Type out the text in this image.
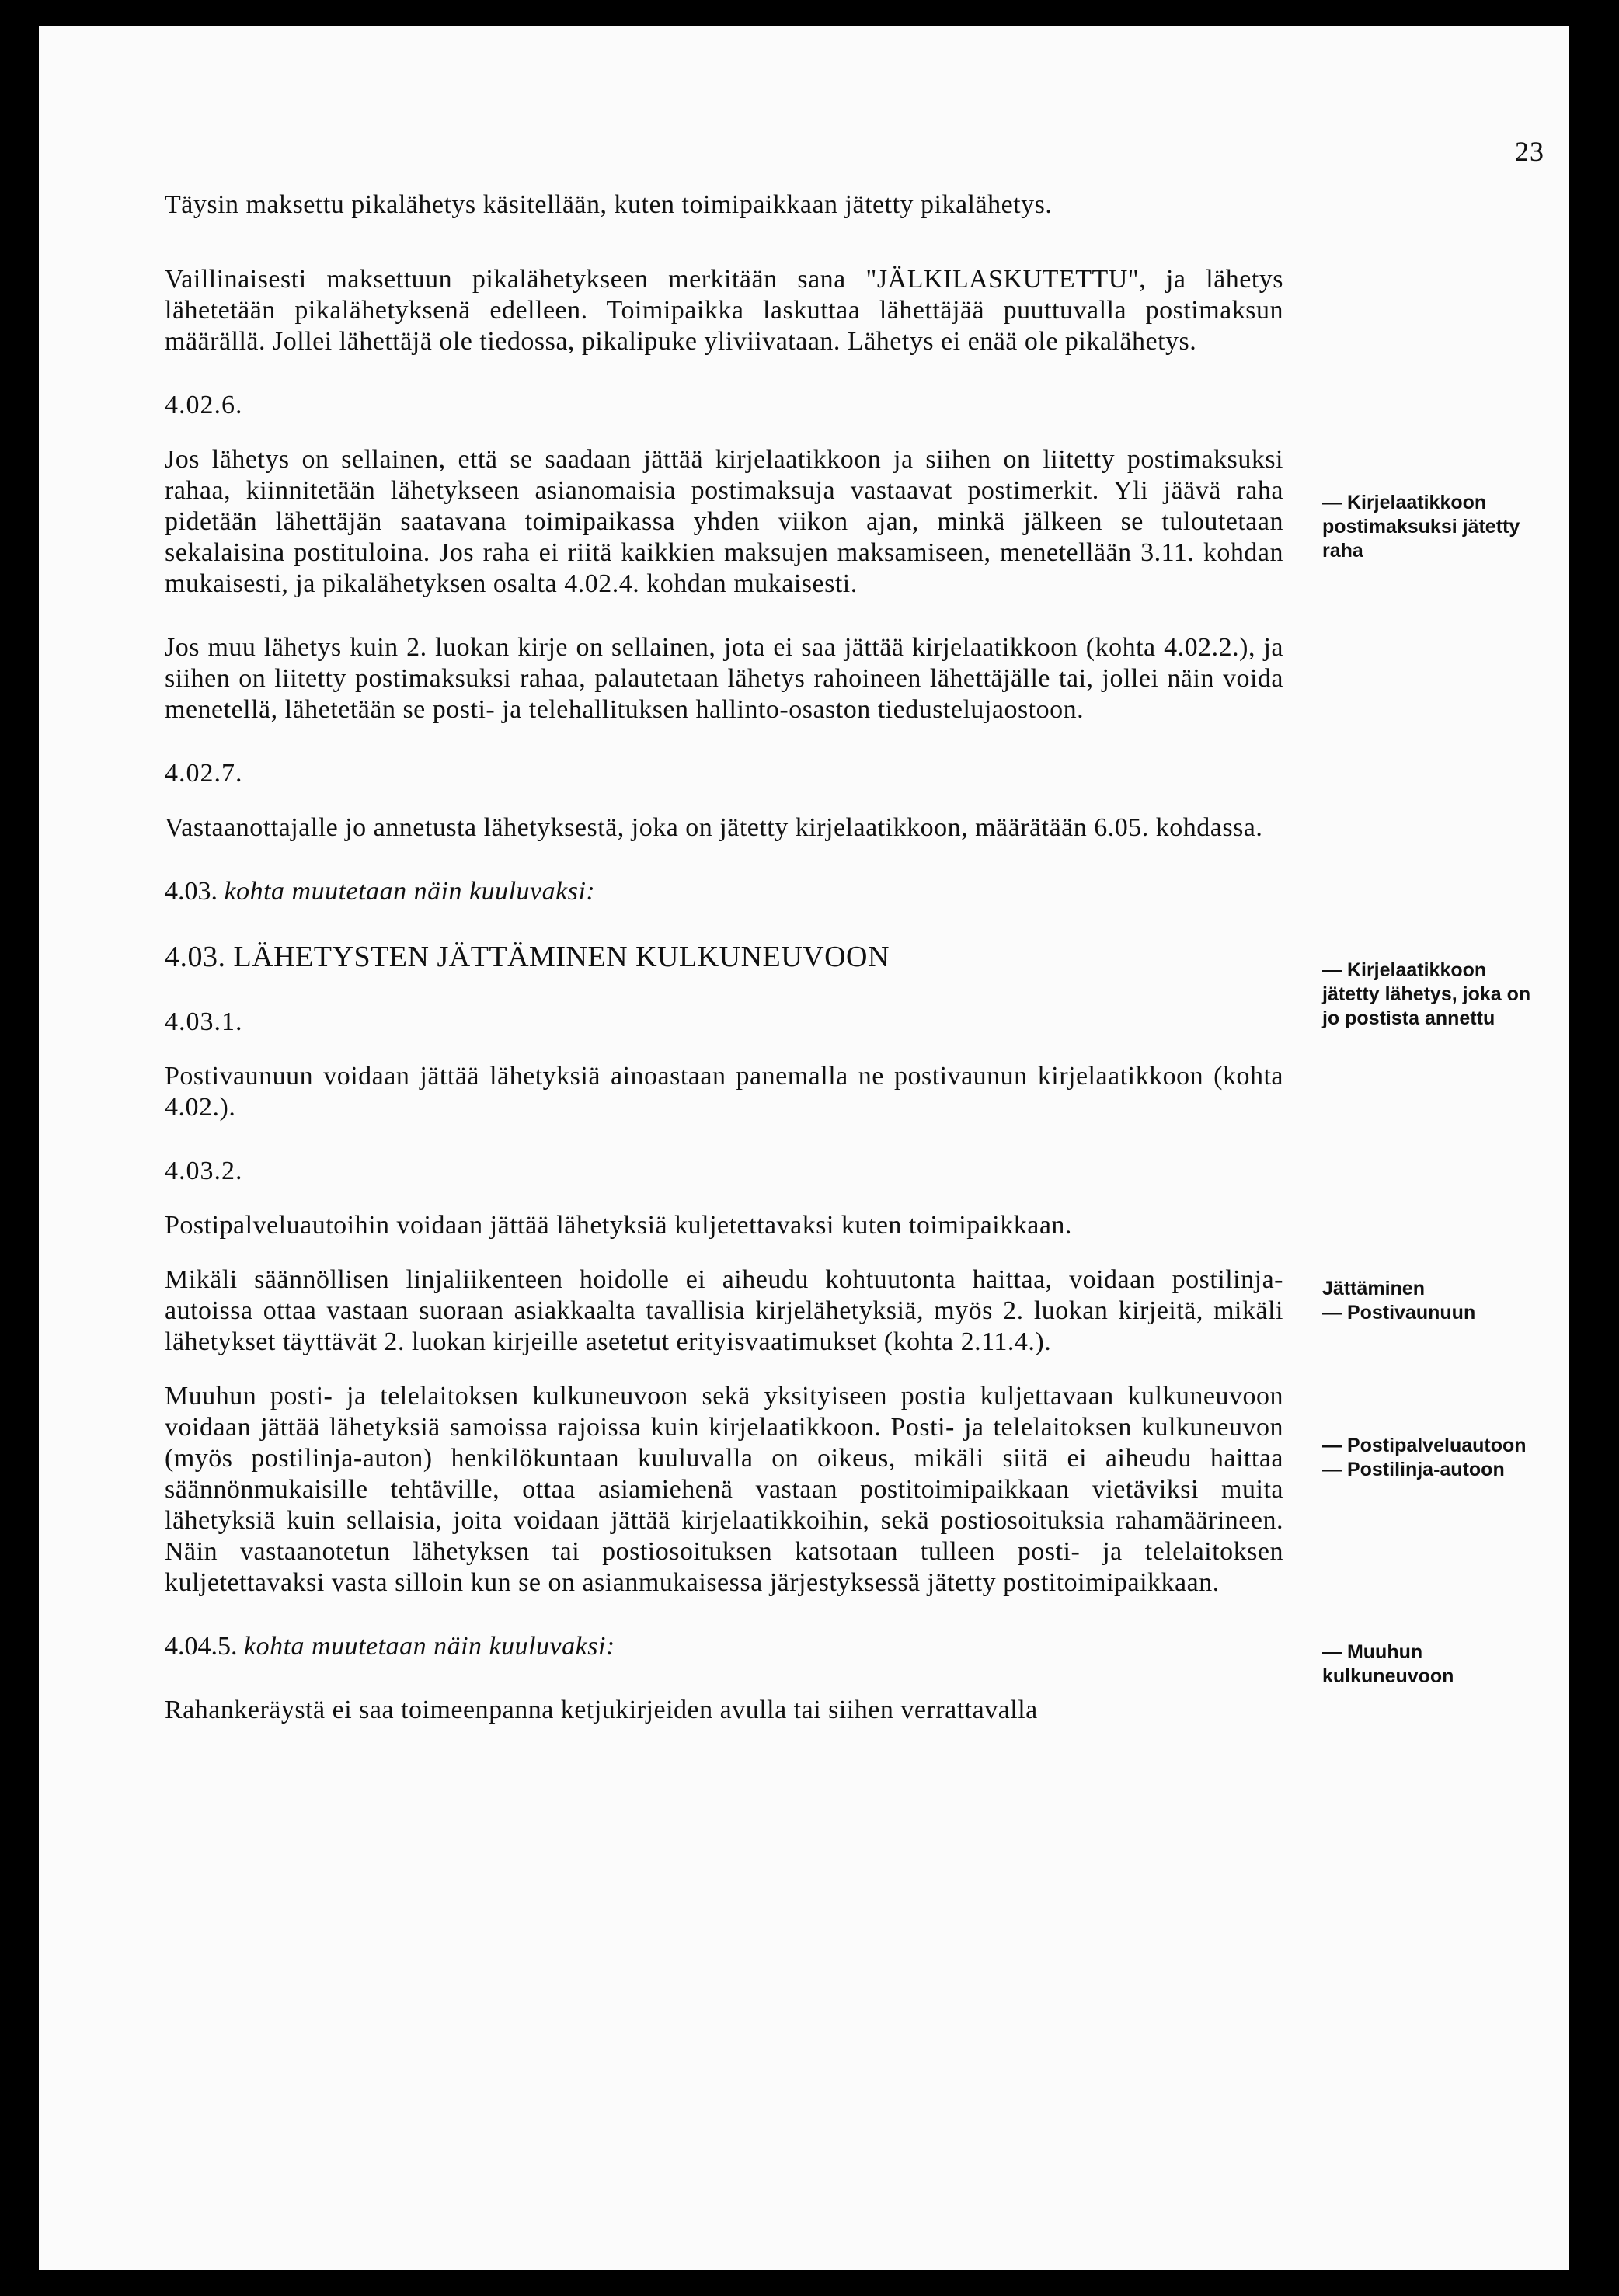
23

Täysin maksettu pikalähetys käsitellään, kuten toimipaikkaan jätetty pikalähetys.

Vaillinaisesti maksettuun pikalähetykseen merkitään sana "JÄLKILASKUTETTU", ja lähetys lähetetään pikalähetyksenä edelleen. Toimipaikka laskuttaa lähettäjää puuttuvalla postimaksun määrällä. Jollei lähettäjä ole tiedossa, pikalipuke yliviivataan. Lähetys ei enää ole pikalähetys.

4.02.6.

Jos lähetys on sellainen, että se saadaan jättää kirjelaatikkoon ja siihen on liitetty postimaksuksi rahaa, kiinnitetään lähetykseen asianomaisia postimaksuja vastaavat postimerkit. Yli jäävä raha pidetään lähettäjän saatavana toimipaikassa yhden viikon ajan, minkä jälkeen se tuloutetaan sekalaisina postituloina. Jos raha ei riitä kaikkien maksujen maksamiseen, menetellään 3.11. kohdan mukaisesti, ja pikalähetyksen osalta 4.02.4. kohdan mukaisesti.

Jos muu lähetys kuin 2. luokan kirje on sellainen, jota ei saa jättää kirjelaatikkoon (kohta 4.02.2.), ja siihen on liitetty postimaksuksi rahaa, palautetaan lähetys rahoineen lähettäjälle tai, jollei näin voida menetellä, lähetetään se posti- ja telehallituksen hallinto-osaston tiedustelujaostoon.

4.02.7.

Vastaanottajalle jo annetusta lähetyksestä, joka on jätetty kirjelaatikkoon, määrätään 6.05. kohdassa.

4.03. kohta muutetaan näin kuuluvaksi:

4.03. LÄHETYSTEN JÄTTÄMINEN KULKUNEUVOON

4.03.1.

Postivaunuun voidaan jättää lähetyksiä ainoastaan panemalla ne postivaunun kirjelaatikkoon (kohta 4.02.).

4.03.2.

Postipalveluautoihin voidaan jättää lähetyksiä kuljetettavaksi kuten toimipaikkaan.

Mikäli säännöllisen linjaliikenteen hoidolle ei aiheudu kohtuutonta haittaa, voidaan postilinja-autoissa ottaa vastaan suoraan asiakkaalta tavallisia kirjelähetyksiä, myös 2. luokan kirjeitä, mikäli lähetykset täyttävät 2. luokan kirjeille asetetut erityisvaatimukset (kohta 2.11.4.).

Muuhun posti- ja telelaitoksen kulkuneuvoon sekä yksityiseen postia kuljettavaan kulkuneuvoon voidaan jättää lähetyksiä samoissa rajoissa kuin kirjelaatikkoon. Posti- ja telelaitoksen kulkuneuvon (myös postilinja-auton) henkilökuntaan kuuluvalla on oikeus, mikäli siitä ei aiheudu haittaa säännönmukaisille tehtäville, ottaa asiamiehenä vastaan postitoimipaikkaan vietäviksi muita lähetyksiä kuin sellaisia, joita voidaan jättää kirjelaatikkoihin, sekä postiosoituksia rahamäärineen. Näin vastaanotetun lähetyksen tai postiosoituksen katsotaan tulleen posti- ja telelaitoksen kuljetettavaksi vasta silloin kun se on asianmukaisessa järjestyksessä jätetty postitoimipaikkaan.

4.04.5. kohta muutetaan näin kuuluvaksi:

Rahankeräystä ei saa toimeenpanna ketjukirjeiden avulla tai siihen verrattavalla

— Kirjelaatikkoon postimaksuksi jätetty raha
— Kirjelaatikkoon jätetty lähetys, joka on jo postista annettu
Jättäminen
— Postivaunuun
— Postipalveluautoon
— Postilinja-autoon
— Muuhun kulkuneuvoon
